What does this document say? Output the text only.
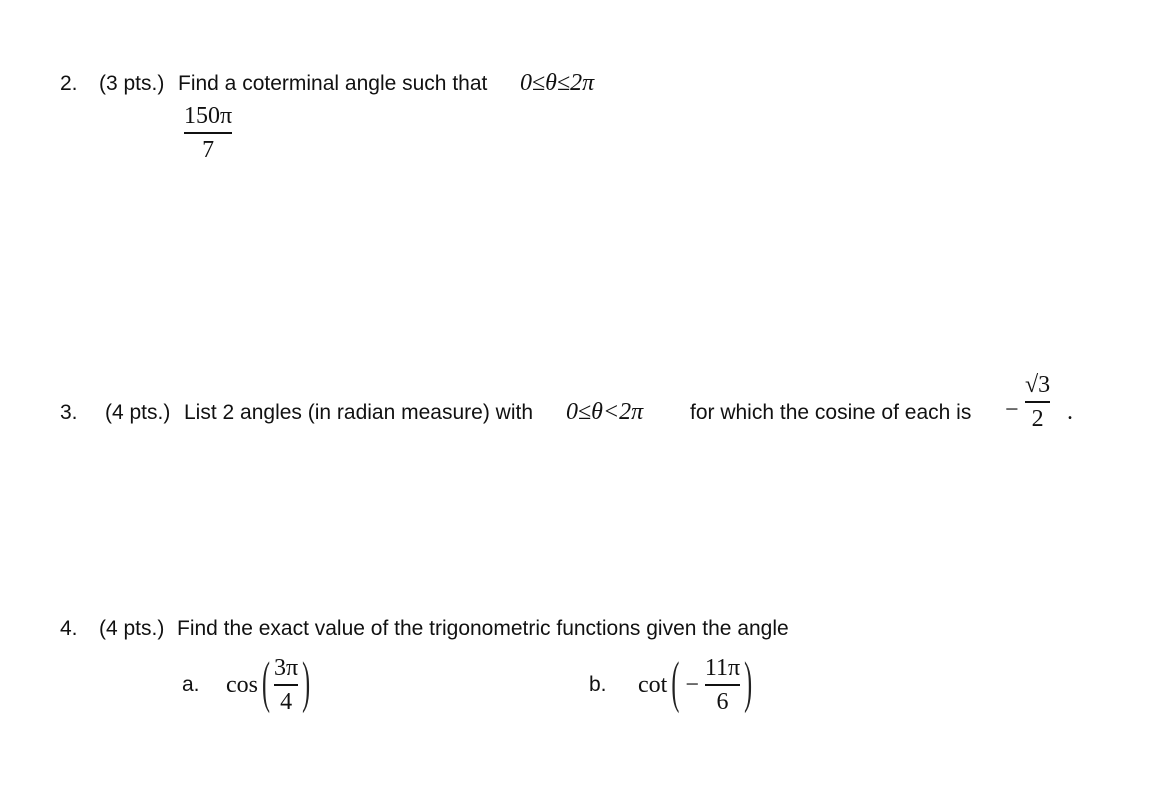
2. (3 pts.) Find a coterminal angle such that 0≤θ≤2π
150π
7
3. (4 pts.) List 2 angles (in radian measure) with 0≤θ<2π for which the cosine of each is −
√3
2 .
4. (4 pts.) Find the exact value of the trigonometric functions given the angle
a. cos ( $\frac{3\pi}{4}$ )	b. cot ( − $\frac{11\pi}{6}$ )
